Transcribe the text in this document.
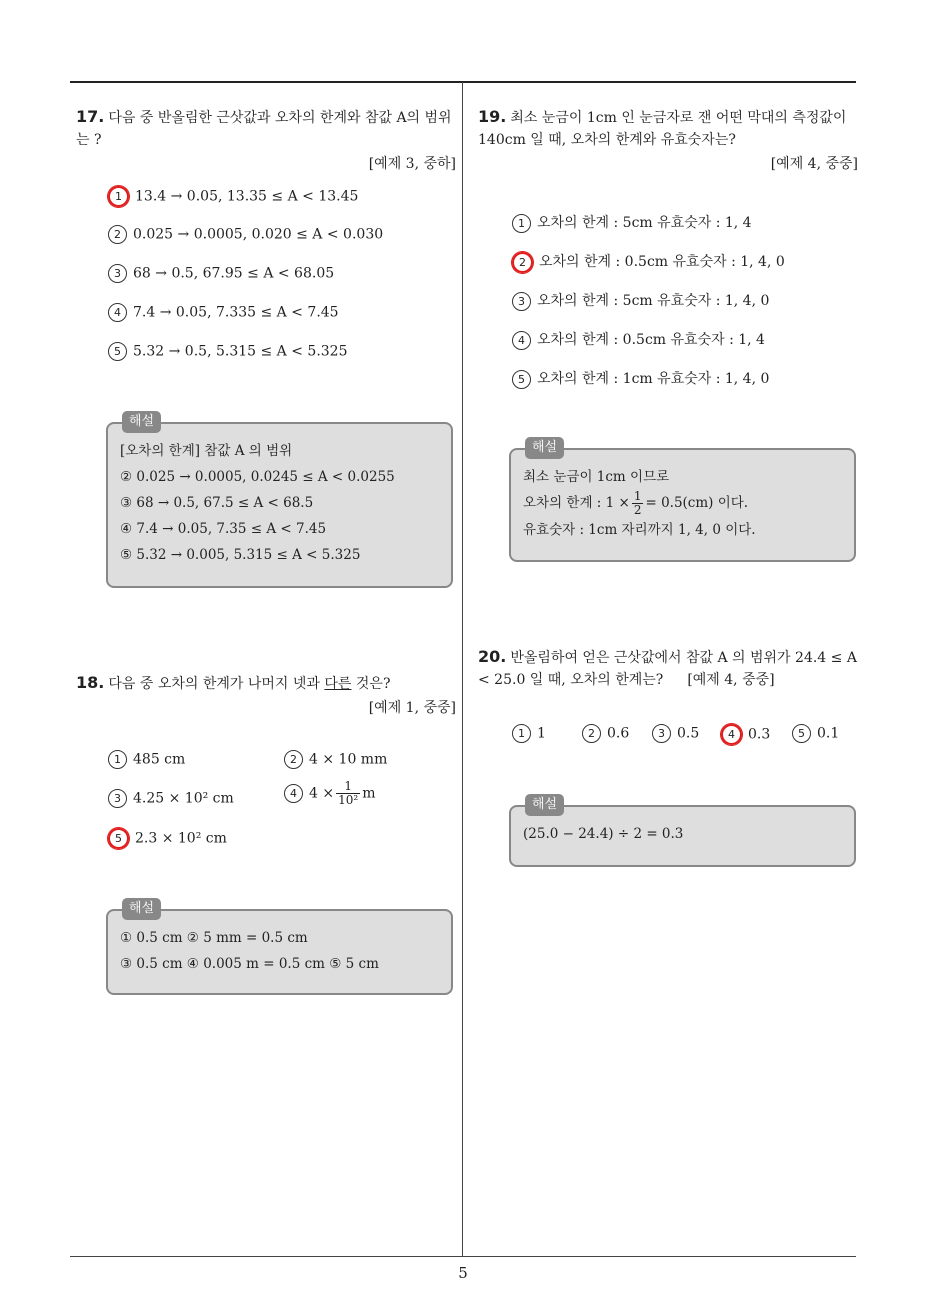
17. 다음 중 반올림한 근삿값과 오차의 한계와 참값 A의 범위는 ?
[예제 3, 중하]
1 13.4 → 0.05, 13.35 ≤ A < 13.45
2 0.025 → 0.0005, 0.020 ≤ A < 0.030
3 68 → 0.5, 67.95 ≤ A < 68.05
4 7.4 → 0.05, 7.335 ≤ A < 7.45
5 5.32 → 0.5, 5.315 ≤ A < 5.325
해설
[오차의 한계] 참값 A 의 범위
② 0.025 → 0.0005, 0.0245 ≤ A < 0.0255
③ 68 → 0.5, 67.5 ≤ A < 68.5
④ 7.4 → 0.05, 7.35 ≤ A < 7.45
⑤ 5.32 → 0.005, 5.315 ≤ A < 5.325
18. 다음 중 오차의 한계가 나머지 넷과 다른 것은?
[예제 1, 중중]
1 485 cm	2 4 × 10 mm
3 4.25 × 10² cm	4 $4 \times \frac{1}{\text{10²}}$ m
5 2.3 × 10² cm
해설
① 0.5 cm ② 5 mm = 0.5 cm
③ 0.5 cm ④ 0.005 m = 0.5 cm ⑤ 5 cm
19. 최소 눈금이 1cm 인 눈금자로 잰 어떤 막대의 측정값이 140cm 일 때, 오차의 한계와 유효숫자는?
[예제 4, 중중]
1 오차의 한계 : 5cm 유효숫자 : 1, 4
2 오차의 한계 : 0.5cm 유효숫자 : 1, 4, 0
3 오차의 한계 : 5cm 유효숫자 : 1, 4, 0
4 오차의 한계 : 0.5cm 유효숫자 : 1, 4
5 오차의 한계 : 1cm 유효숫자 : 1, 4, 0
해설
최소 눈금이 1cm 이므로
오차의 한계 : $1 \times \frac{1}{2} = 0.5(cm)$ 이다.
유효숫자 : 1cm 자리까지 1, 4, 0 이다.
20. 반올림하여 얻은 근삿값에서 참값 A 의 범위가 24.4 ≤ A < 25.0 일 때, 오차의 한계는? [예제 4, 중중]
1 1	2 0.6	3 0.5	4 0.3	5 0.1
해설
(25.0 − 24.4) ÷ 2 = 0.3
5
